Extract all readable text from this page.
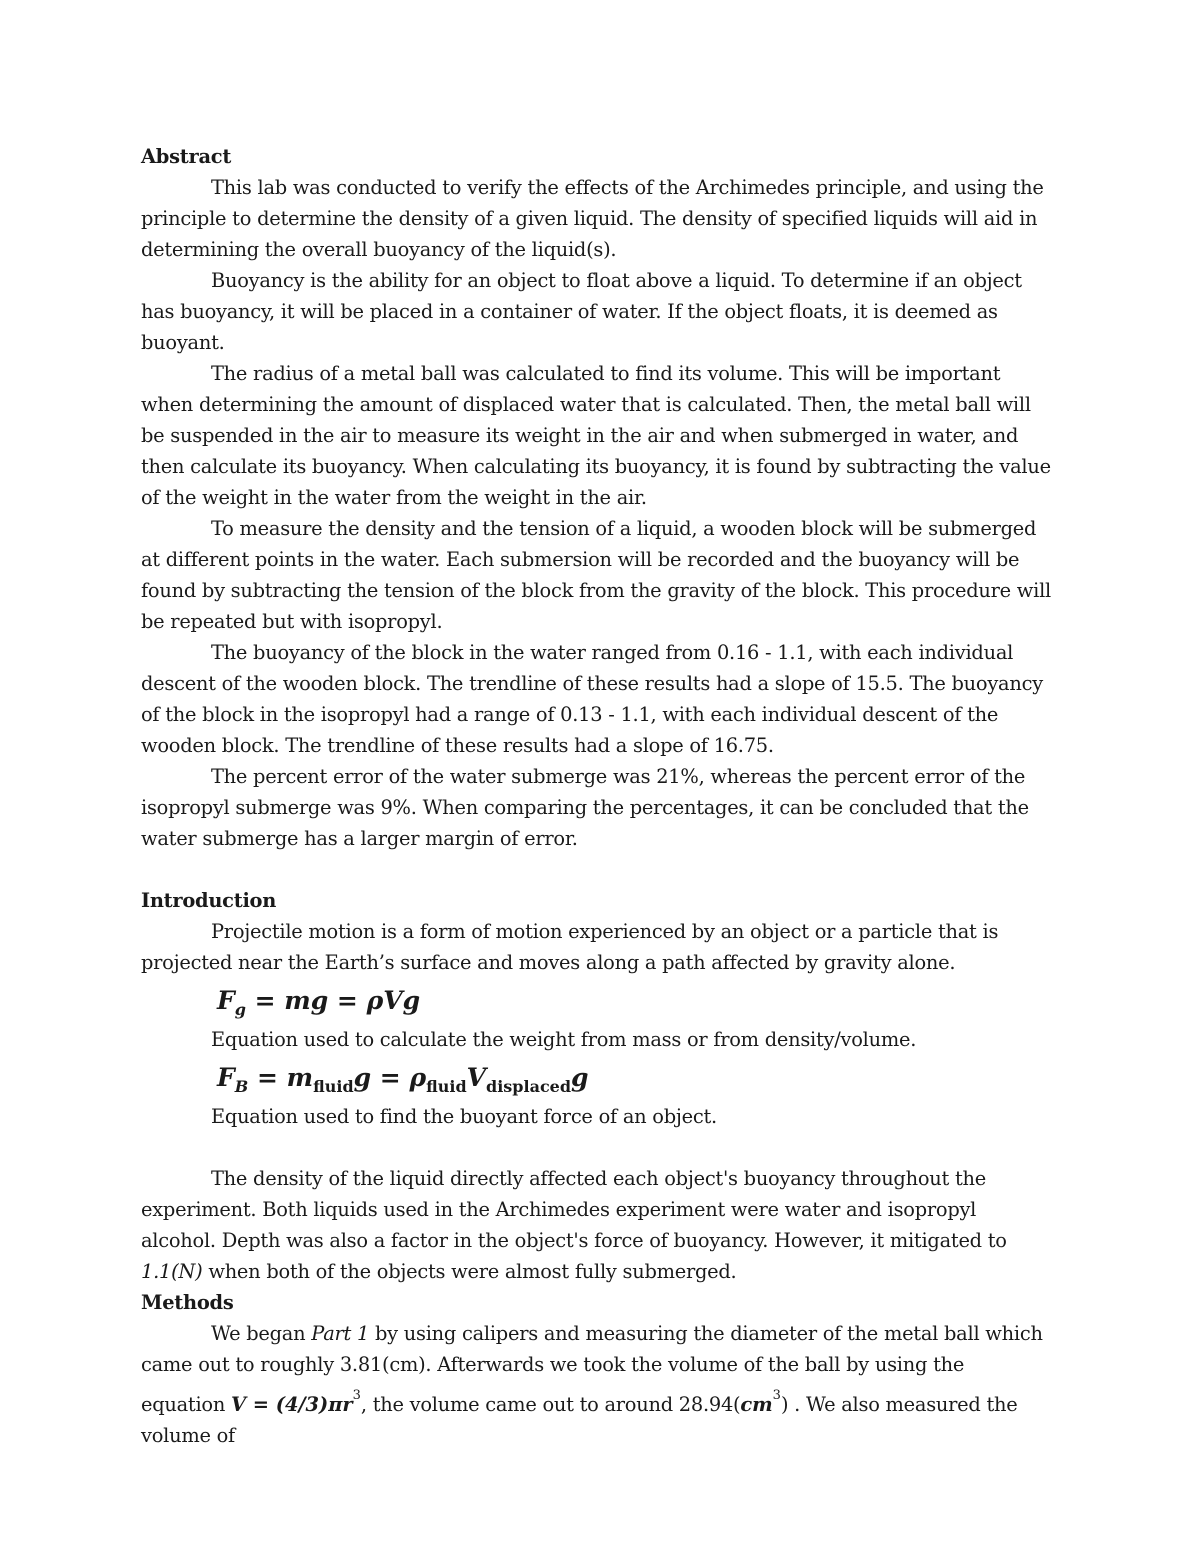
Abstract

This lab was conducted to verify the effects of the Archimedes principle, and using the principle to determine the density of a given liquid. The density of specified liquids will aid in determining the overall buoyancy of the liquid(s).

Buoyancy is the ability for an object to float above a liquid. To determine if an object has buoyancy, it will be placed in a container of water. If the object floats, it is deemed as buoyant.

The radius of a metal ball was calculated to find its volume. This will be important when determining the amount of displaced water that is calculated. Then, the metal ball will be suspended in the air to measure its weight in the air and when submerged in water, and then calculate its buoyancy. When calculating its buoyancy, it is found by subtracting the value of the weight in the water from the weight in the air.

To measure the density and the tension of a liquid, a wooden block will be submerged at different points in the water. Each submersion will be recorded and the buoyancy will be found by subtracting the tension of the block from the gravity of the block. This procedure will be repeated but with isopropyl.

The buoyancy of the block in the water ranged from 0.16 - 1.1, with each individual descent of the wooden block. The trendline of these results had a slope of 15.5. The buoyancy of the block in the isopropyl had a range of 0.13 - 1.1, with each individual descent of the wooden block. The trendline of these results had a slope of 16.75.

The percent error of the water submerge was 21%, whereas the percent error of the isopropyl submerge was 9%. When comparing the percentages, it can be concluded that the water submerge has a larger margin of error.

Introduction

Projectile motion is a form of motion experienced by an object or a particle that is projected near the Earth’s surface and moves along a path affected by gravity alone.

$F_g$ = mg = ρVg

Equation used to calculate the weight from mass or from density/volume.

$F_B = m_{fluid}g = \rho_{fluid}V_{displaced}g$

Equation used to find the buoyant force of an object.

The density of the liquid directly affected each object's buoyancy throughout the experiment. Both liquids used in the Archimedes experiment were water and isopropyl alcohol. Depth was also a factor in the object's force of buoyancy. However, it mitigated to 1.1(N) when both of the objects were almost fully submerged.

Methods

We began Part 1 by using calipers and measuring the diameter of the metal ball which came out to roughly 3.81(cm). Afterwards we took the volume of the ball by using the equation $V = (4/3)\pi r^3$, the volume came out to around $28.94(cm^3)$ . We also measured the volume of
